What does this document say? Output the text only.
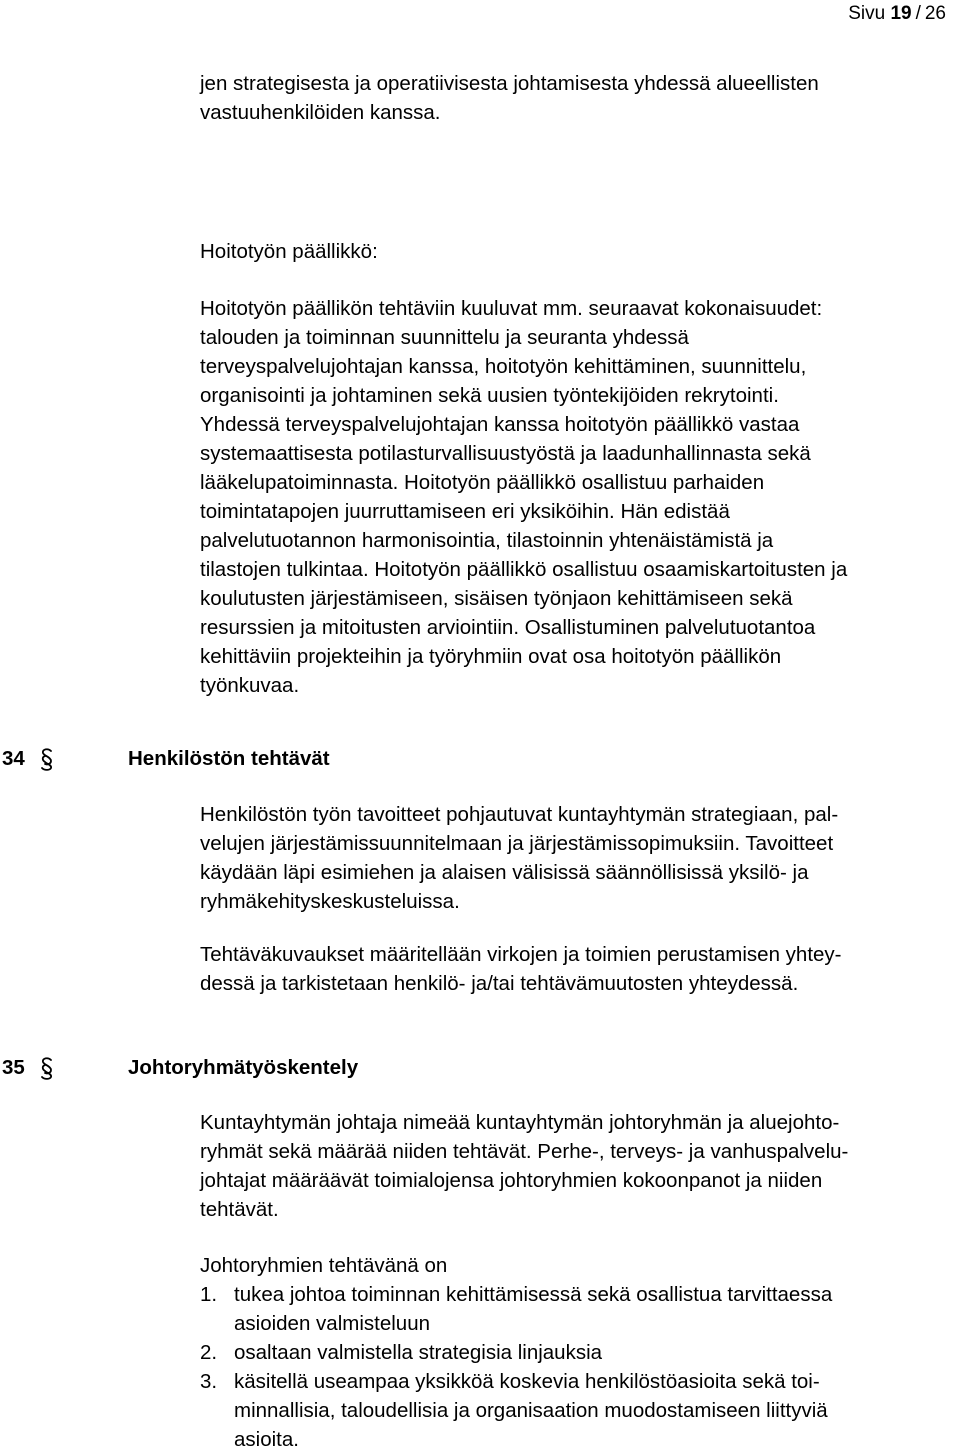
Sivu 19 / 26

jen strategisesta ja operatiivisesta johtamisesta yhdessä alueellisten

vastuuhenkilöiden kanssa.

Hoitotyön päällikkö:

Hoitotyön päällikön tehtäviin kuuluvat mm. seuraavat kokonaisuudet:

talouden ja toiminnan suunnittelu ja seuranta yhdessä

terveyspalvelujohtajan kanssa, hoitotyön kehittäminen, suunnittelu,

organisointi ja johtaminen sekä uusien työntekijöiden rekrytointi.

Yhdessä terveyspalvelujohtajan kanssa hoitotyön päällikkö vastaa

systemaattisesta potilasturvallisuustyöstä ja laadunhallinnasta sekä

lääkelupatoiminnasta. Hoitotyön päällikkö osallistuu parhaiden

toimintatapojen juurruttamiseen eri yksiköihin. Hän edistää

palvelutuotannon harmonisointia, tilastoinnin yhtenäistämistä ja

tilastojen tulkintaa. Hoitotyön päällikkö osallistuu osaamiskartoitusten ja

koulutusten järjestämiseen, sisäisen työnjaon kehittämiseen sekä

resurssien ja mitoitusten arviointiin. Osallistuminen palvelutuotantoa

kehittäviin projekteihin ja työryhmiin ovat osa hoitotyön päällikön

työnkuvaa.

34	Henkilöstön tehtävät

Henkilöstön työn tavoitteet pohjautuvat kuntayhtymän strategiaan, pal-

velujen järjestämissuunnitelmaan ja järjestämissopimuksiin. Tavoitteet

käydään läpi esimiehen ja alaisen välisissä säännöllisissä yksilö- ja

ryhmäkehityskeskusteluissa.

Tehtäväkuvaukset määritellään virkojen ja toimien perustamisen yhtey-

dessä ja tarkistetaan henkilö- ja/tai tehtävämuutosten yhteydessä.

35	Johtoryhmätyöskentely

Kuntayhtymän johtaja nimeää kuntayhtymän johtoryhmän ja aluejohto-

ryhmät sekä määrää niiden tehtävät. Perhe-, terveys- ja vanhuspalvelu-

johtajat määräävät toimialojensa johtoryhmien kokoonpanot ja niiden

tehtävät.

Johtoryhmien tehtävänä on

1. tukea johtoa toiminnan kehittämisessä sekä osallistua tarvittaessa
asioiden valmisteluun
2. osaltaan valmistella strategisia linjauksia
3. käsitellä useampaa yksikköä koskevia henkilöstöasioita sekä toi-
minnallisia, taloudellisia ja organisaation muodostamiseen liittyviä
asioita.
